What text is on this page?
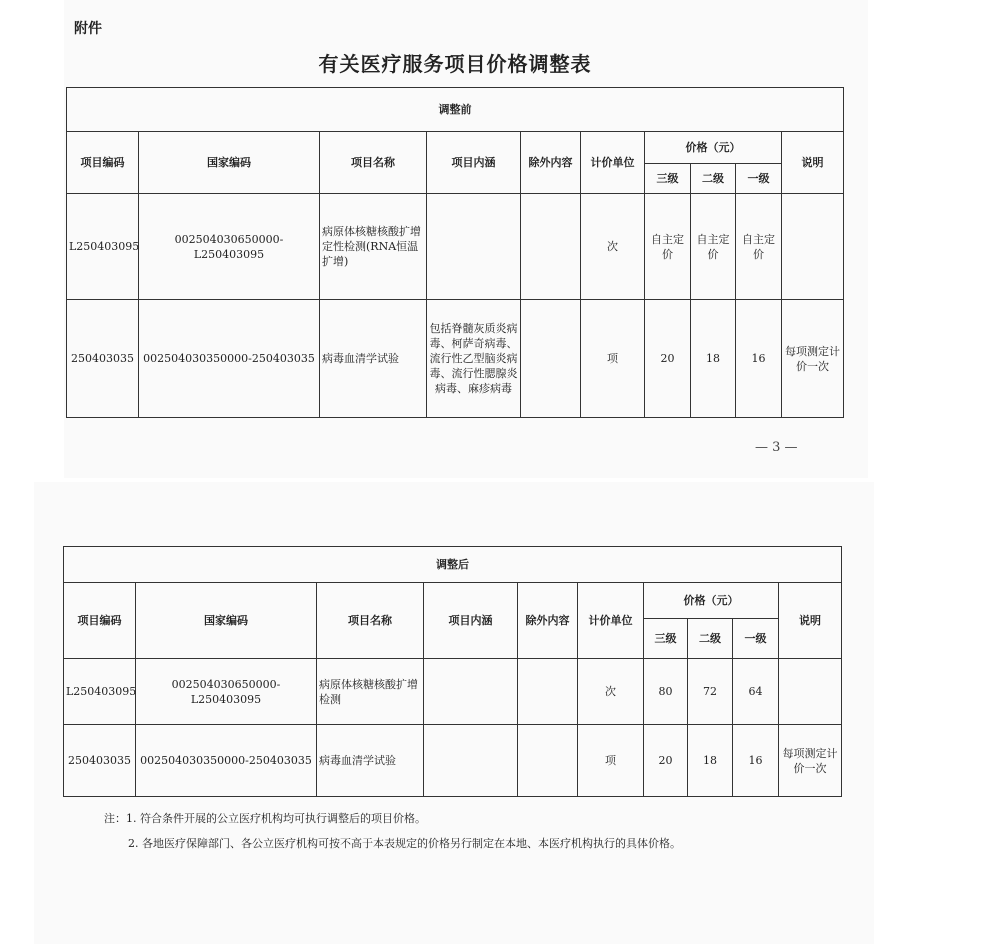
附件
有关医疗服务项目价格调整表
调整前									
项目编码	国家编码	项目名称	项目内涵	除外内容	计价单位	价格（元）			说明
						三级	二级	一级	
L250403095	002504030650000-L250403095	病原体核糖核酸扩增定性检测(RNA恒温扩增)			次	自主定价	自主定价	自主定价	
250403035	002504030350000-250403035	病毒血清学试验	包括脊髓灰质炎病毒、柯萨奇病毒、流行性乙型脑炎病毒、流行性腮腺炎病毒、麻疹病毒		项	20	18	16	每项测定计价一次
— 3 —
调整后									
项目编码	国家编码	项目名称	项目内涵	除外内容	计价单位	价格（元）			说明
						三级	二级	一级	
L250403095	002504030650000-L250403095	病原体核糖核酸扩增检测			次	80	72	64	
250403035	002504030350000-250403035	病毒血清学试验			项	20	18	16	每项测定计价一次
注：1. 符合条件开展的公立医疗机构均可执行调整后的项目价格。
2. 各地医疗保障部门、各公立医疗机构可按不高于本表规定的价格另行制定在本地、本医疗机构执行的具体价格。
